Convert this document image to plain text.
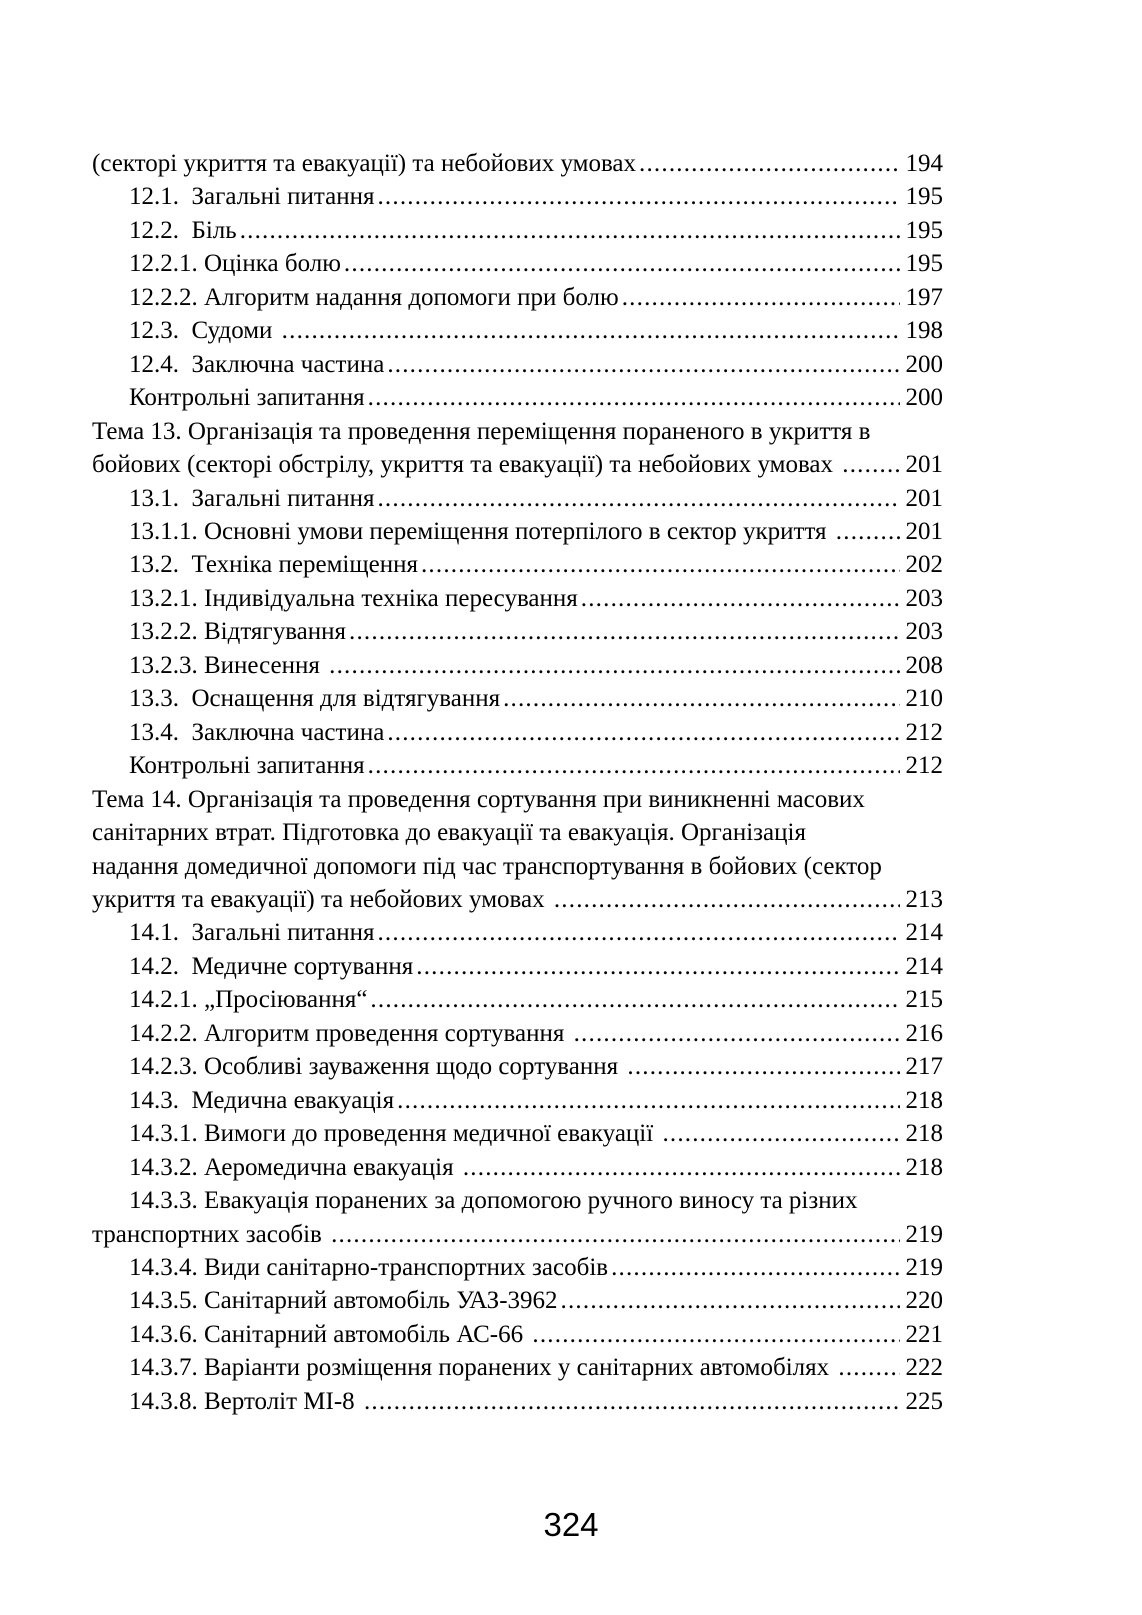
(секторі укриття та евакуації) та небойових умовах .....	194
12.1.  Загальні питання .....	195
12.2.  Біль .....	195
12.2.1. Оцінка болю .....	195
12.2.2. Алгоритм надання допомоги при болю .....	197
12.3.  Судоми .....	198
12.4.  Заключна частина .....	200
Контрольні запитання .....	200
Тема 13. Організація та проведення переміщення пораненого в укриття в
бойових (секторі обстрілу, укриття та евакуації) та небойових умовах .....	201
13.1.  Загальні питання .....	201
13.1.1. Основні умови переміщення потерпілого в сектор укриття .....	201
13.2.  Техніка переміщення .....	202
13.2.1. Індивідуальна техніка пересування .....	203
13.2.2. Відтягування .....	203
13.2.3. Винесення .....	208
13.3.  Оснащення для відтягування .....	210
13.4.  Заключна частина .....	212
Контрольні запитання .....	212
Тема 14. Організація та проведення сортування при виникненні масових
санітарних втрат. Підготовка до евакуації та евакуація. Організація
надання домедичної допомоги під час транспортування в бойових (сектор
укриття та евакуації) та небойових умовах .....	213
14.1.  Загальні питання .....	214
14.2.  Медичне сортування .....	214
14.2.1. „Просіювання“ .....	215
14.2.2. Алгоритм проведення сортування .....	216
14.2.3. Особливі зауваження щодо сортування .....	217
14.3.  Медична евакуація .....	218
14.3.1. Вимоги до проведення медичної евакуації .....	218
14.3.2. Аеромедична евакуація .....	218
14.3.3. Евакуація поранених за допомогою ручного виносу та різних
транспортних засобів .....	219
14.3.4. Види санітарно-транспортних засобів .....	219
14.3.5. Санітарний автомобіль УАЗ-3962 .....	220
14.3.6. Санітарний автомобіль АС-66 .....	221
14.3.7. Варіанти розміщення поранених у санітарних автомобілях .....	222
14.3.8. Вертоліт МІ-8 .....	225
324
